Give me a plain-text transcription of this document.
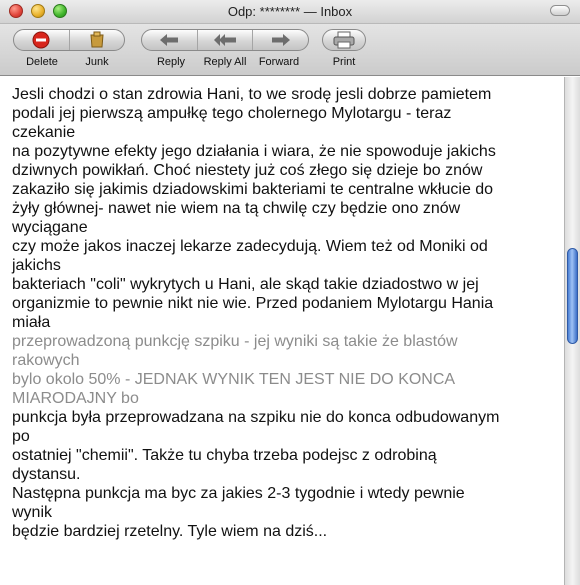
Odp: ******** — Inbox
Delete	Junk	Reply	Reply All	Forward	Print
Jesli chodzi o stan zdrowia Hani, to we srodę jesli dobrze pamietem
podali jej pierwszą ampułkę tego cholernego Mylotargu - teraz
czekanie
na pozytywne efekty jego działania i wiara, że nie spowoduje jakichs
dziwnych powikłań. Choć niestety już coś złego się dzieje bo znów
zakaziło się jakimis dziadowskimi bakteriami te centralne wkłucie do
żyły głównej- nawet nie wiem na tą chwilę czy będzie ono znów
wyciągane
czy może jakos inaczej lekarze zadecydują. Wiem też od Moniki od
jakichs
bakteriach "coli" wykrytych u Hani, ale skąd takie dziadostwo w jej
organizmie to pewnie nikt nie wie. Przed podaniem Mylotargu Hania
miała
przeprowadzoną punkcję szpiku - jej wyniki są takie że blastów
rakowych
bylo okolo 50% - JEDNAK WYNIK TEN JEST NIE DO KONCA
MIARODAJNY bo
punkcja była przeprowadzana na szpiku nie do konca odbudowanym
po
ostatniej "chemii". Także tu chyba trzeba podejsc z odrobiną
dystansu.
Następna punkcja ma byc za jakies 2-3 tygodnie i wtedy pewnie
wynik
będzie bardziej rzetelny. Tyle wiem na dziś...
